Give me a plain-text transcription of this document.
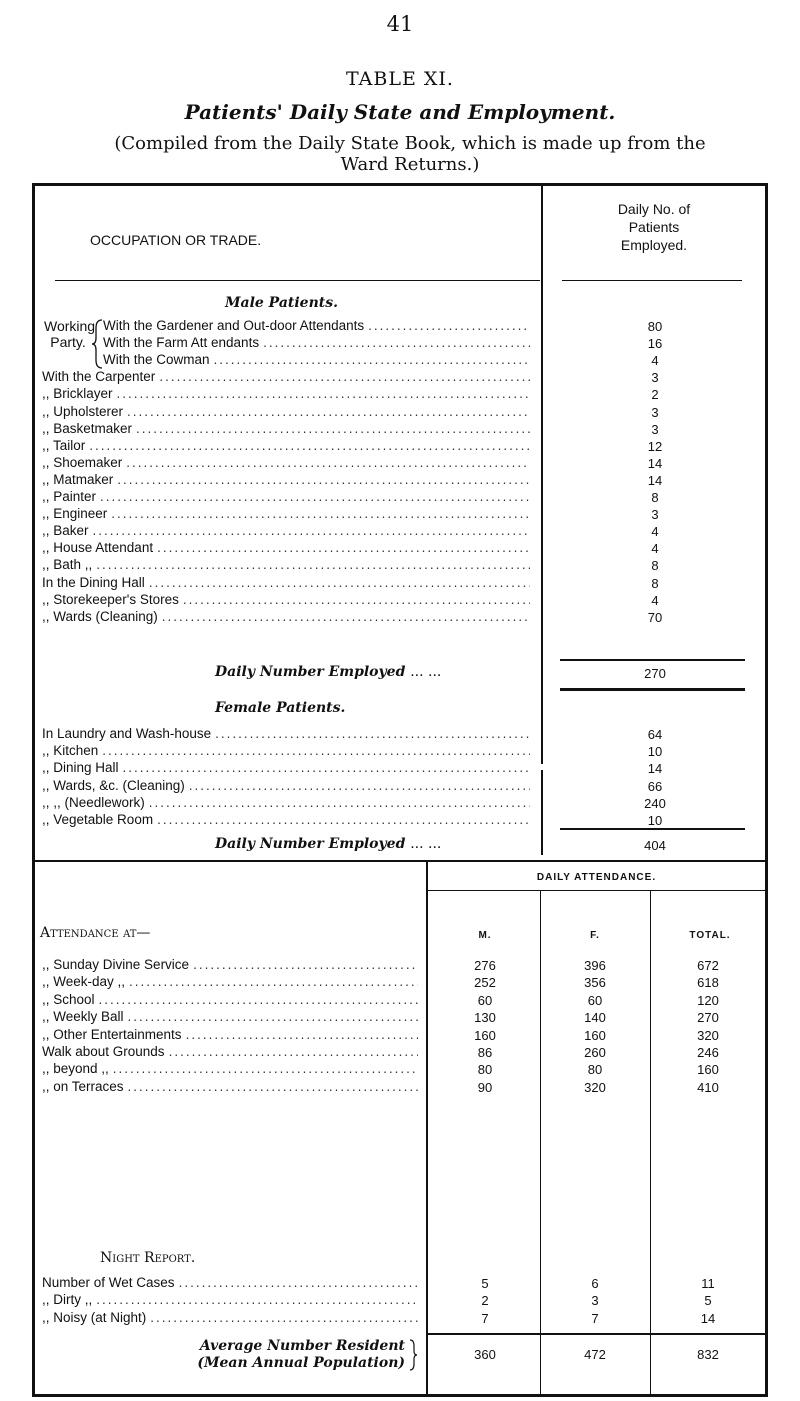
41
TABLE XI.
Patients' Daily State and Employment.
(Compiled from the Daily State Book, which is made up from the
Ward Returns.)
OCCUPATION OR TRADE.
Daily No. of
Patients
Employed.
Male Patients.
Working
Party.
With the Gardener and Out-door Attendants .....	80
With the Farm Att endants .....	16
With the Cowman .....	4
With the Carpenter .....	3
,, Bricklayer .....	2
,, Upholsterer .....	3
,, Basketmaker .....	3
,, Tailor .....	12
,, Shoemaker .....	14
,, Matmaker .....	14
,, Painter .....	8
,, Engineer .....	3
,, Baker .....	4
,, House Attendant .....	4
,, Bath ,, .....	8
In the Dining Hall .....	8
,, Storekeeper's Stores .....	4
,, Wards (Cleaning) .....	70
Daily Number Employed ... ...	270
Female Patients.
In Laundry and Wash-house .....	64
,, Kitchen .....	10
,, Dining Hall .....	14
,, Wards, &c. (Cleaning) .....	66
,, ,, (Needlework) .....	240
,, Vegetable Room .....	10
Daily Number Employed ... ...	404
DAILY ATTENDANCE.
Attendance at—	M.	F.	TOTAL.
,, Sunday Divine Service .....	276	396	672
,, Week-day ,, .....	252	356	618
,, School .....	60	60	120
,, Weekly Ball .....	130	140	270
,, Other Entertainments .....	160	160	320
Walk about Grounds .....	86	260	246
,, beyond ,, .....	80	80	160
,, on Terraces .....	90	320	410
Night Report.
Number of Wet Cases .....	5	6	11
,, Dirty ,, .....	2	3	5
,, Noisy (at Night) .....	7	7	14
Average Number Resident
(Mean Annual Population)
360	472	832
